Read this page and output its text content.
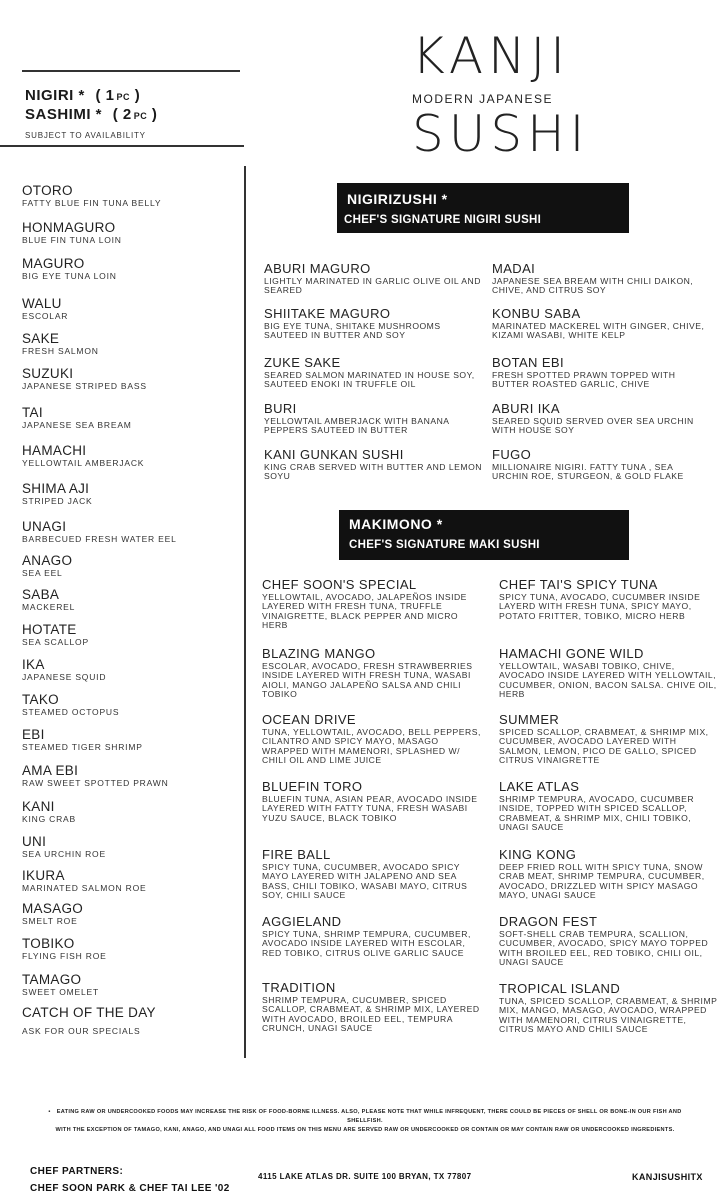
KANJI
MODERN JAPANESE
SUSHI
NIGIRI * ( 1 PC )
SASHIMI * ( 2 PC )
SUBJECT TO AVAILABILITY
OTORO
FATTY BLUE FIN TUNA BELLY
HONMAGURO
BLUE FIN TUNA LOIN
MAGURO
BIG EYE TUNA LOIN
WALU
ESCOLAR
SAKE
FRESH SALMON
SUZUKI
JAPANESE STRIPED BASS
TAI
JAPANESE SEA BREAM
HAMACHI
YELLOWTAIL AMBERJACK
SHIMA AJI
STRIPED JACK
UNAGI
BARBECUED FRESH WATER EEL
ANAGO
SEA EEL
SABA
MACKEREL
HOTATE
SEA SCALLOP
IKA
JAPANESE SQUID
TAKO
STEAMED OCTOPUS
EBI
STEAMED TIGER SHRIMP
AMA EBI
RAW SWEET SPOTTED PRAWN
KANI
KING CRAB
UNI
SEA URCHIN ROE
IKURA
MARINATED SALMON ROE
MASAGO
SMELT ROE
TOBIKO
FLYING FISH ROE
TAMAGO
SWEET OMELET
CATCH OF THE DAY
ASK FOR OUR SPECIALS
NIGIRIZUSHI *
CHEF'S SIGNATURE NIGIRI SUSHI
ABURI MAGURO
LIGHTLY MARINATED IN GARLIC OLIVE OIL AND SEARED
SHIITAKE MAGURO
BIG EYE TUNA, SHITAKE MUSHROOMS SAUTEED IN BUTTER AND SOY
ZUKE SAKE
SEARED SALMON MARINATED IN HOUSE SOY, SAUTEED ENOKI IN TRUFFLE OIL
BURI
YELLOWTAIL AMBERJACK WITH BANANA PEPPERS SAUTEED IN BUTTER
KANI GUNKAN SUSHI
KING CRAB SERVED WITH BUTTER AND LEMON SOYU
MADAI
JAPANESE SEA BREAM WITH CHILI DAIKON, CHIVE, AND CITRUS SOY
KONBU SABA
MARINATED MACKEREL WITH GINGER, CHIVE, KIZAMI WASABI, WHITE KELP
BOTAN EBI
FRESH SPOTTED PRAWN TOPPED WITH BUTTER ROASTED GARLIC, CHIVE
ABURI IKA
SEARED SQUID SERVED OVER SEA URCHIN WITH HOUSE SOY
FUGO
MILLIONAIRE NIGIRI. FATTY TUNA , SEA URCHIN ROE, STURGEON, & GOLD FLAKE
MAKIMONO *
CHEF'S SIGNATURE MAKI SUSHI
CHEF SOON'S SPECIAL
YELLOWTAIL, AVOCADO, JALAPEÑOS INSIDE LAYERED WITH FRESH TUNA, TRUFFLE VINAIGRETTE, BLACK PEPPER AND MICRO HERB
BLAZING MANGO
ESCOLAR, AVOCADO, FRESH STRAWBERRIES INSIDE LAYERED WITH FRESH TUNA, WASABI AIOLI, MANGO JALAPEÑO SALSA AND CHILI TOBIKO
OCEAN DRIVE
TUNA, YELLOWTAIL, AVOCADO, BELL PEPPERS, CILANTRO AND SPICY MAYO, MASAGO WRAPPED WITH MAMENORI, SPLASHED W/ CHILI OIL AND LIME JUICE
BLUEFIN TORO
BLUEFIN TUNA, ASIAN PEAR, AVOCADO INSIDE LAYERED WITH FATTY TUNA, FRESH WASABI YUZU SAUCE, BLACK TOBIKO
FIRE BALL
SPICY TUNA, CUCUMBER, AVOCADO SPICY MAYO LAYERED WITH JALAPENO AND SEA BASS, CHILI TOBIKO, WASABI MAYO, CITRUS SOY, CHILI SAUCE
AGGIELAND
SPICY TUNA, SHRIMP TEMPURA, CUCUMBER, AVOCADO INSIDE LAYERED WITH ESCOLAR, RED TOBIKO, CITRUS OLIVE GARLIC SAUCE
TRADITION
SHRIMP TEMPURA, CUCUMBER, SPICED SCALLOP, CRABMEAT, & SHRIMP MIX, LAYERED WITH AVOCADO, BROILED EEL, TEMPURA CRUNCH, UNAGI SAUCE
CHEF TAI'S SPICY TUNA
SPICY TUNA, AVOCADO, CUCUMBER INSIDE LAYERD WITH FRESH TUNA, SPICY MAYO, POTATO FRITTER, TOBIKO, MICRO HERB
HAMACHI GONE WILD
YELLOWTAIL, WASABI TOBIKO, CHIVE, AVOCADO INSIDE LAYERED WITH YELLOWTAIL, CUCUMBER, ONION, BACON SALSA. CHIVE OIL, HERB
SUMMER
SPICED SCALLOP, CRABMEAT, & SHRIMP MIX, CUCUMBER, AVOCADO LAYERED WITH SALMON, LEMON, PICO DE GALLO, SPICED CITRUS VINAIGRETTE
LAKE ATLAS
SHRIMP TEMPURA, AVOCADO, CUCUMBER INSIDE, TOPPED WITH SPICED SCALLOP, CRABMEAT, & SHRIMP MIX, CHILI TOBIKO, UNAGI SAUCE
KING KONG
DEEP FRIED ROLL WITH SPICY TUNA, SNOW CRAB MEAT, SHRIMP TEMPURA, CUCUMBER, AVOCADO, DRIZZLED WITH SPICY MASAGO MAYO, UNAGI SAUCE
DRAGON FEST
SOFT-SHELL CRAB TEMPURA, SCALLION, CUCUMBER, AVOCADO, SPICY MAYO TOPPED WITH BROILED EEL, RED TOBIKO, CHILI OIL, UNAGI SAUCE
TROPICAL ISLAND
TUNA, SPICED SCALLOP, CRABMEAT, & SHRIMP MIX, MANGO, MASAGO, AVOCADO, WRAPPED WITH MAMENORI, CITRUS VINAIGRETTE, CITRUS MAYO AND CHILI SAUCE
• EATING RAW OR UNDERCOOKED FOODS MAY INCREASE THE RISK OF FOOD-BORNE ILLNESS. ALSO, PLEASE NOTE THAT WHILE INFREQUENT, THERE COULD BE PIECES OF SHELL OR BONE-IN OUR FISH AND SHELLFISH.
WITH THE EXCEPTION OF TAMAGO, KANI, ANAGO, AND UNAGI ALL FOOD ITEMS ON THIS MENU ARE SERVED RAW OR UNDERCOOKED OR CONTAIN OR MAY CONTAIN RAW OR UNDERCOOKED INGREDIENTS.
CHEF PARTNERS:
CHEF SOON PARK & CHEF TAI LEE '02
4115 LAKE ATLAS DR. SUITE 100 BRYAN, TX 77807	KANJISUSHITX
